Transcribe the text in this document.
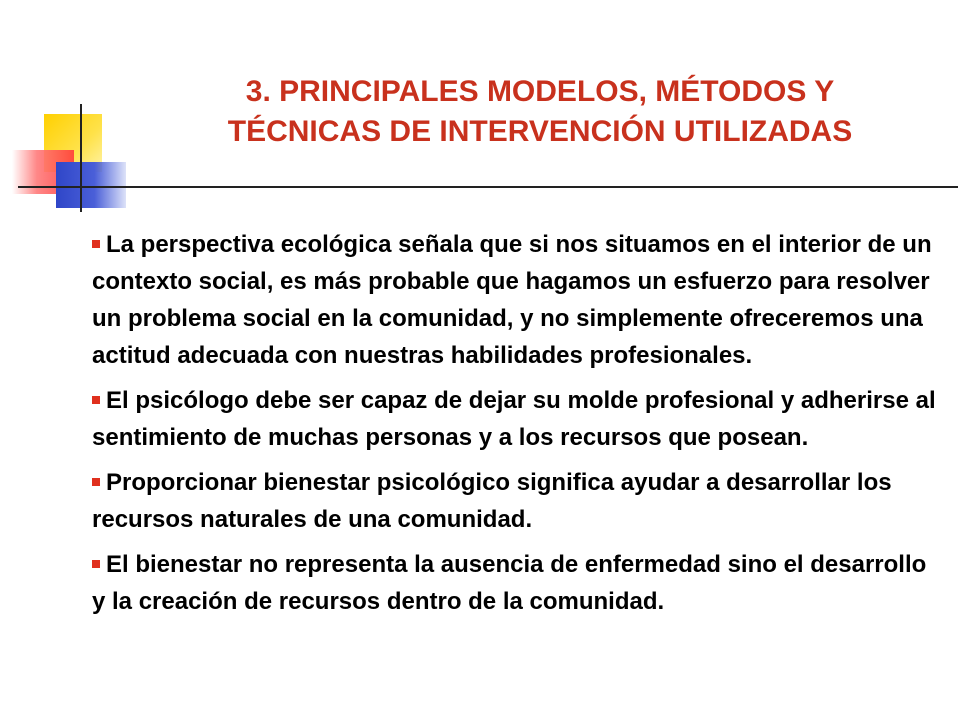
3. PRINCIPALES MODELOS, MÉTODOS Y
TÉCNICAS DE INTERVENCIÓN UTILIZADAS
La perspectiva ecológica señala que si nos situamos en el interior de un contexto social, es más probable que hagamos un esfuerzo para resolver un problema social en la comunidad, y no simplemente ofreceremos una actitud adecuada con nuestras habilidades profesionales.
El psicólogo debe ser capaz de dejar su molde profesional y adherirse al sentimiento de muchas personas y a los recursos que posean.
Proporcionar bienestar psicológico significa ayudar a desarrollar los recursos naturales de una comunidad.
El bienestar no representa la ausencia de enfermedad sino el desarrollo y la creación de recursos dentro de la comunidad.
